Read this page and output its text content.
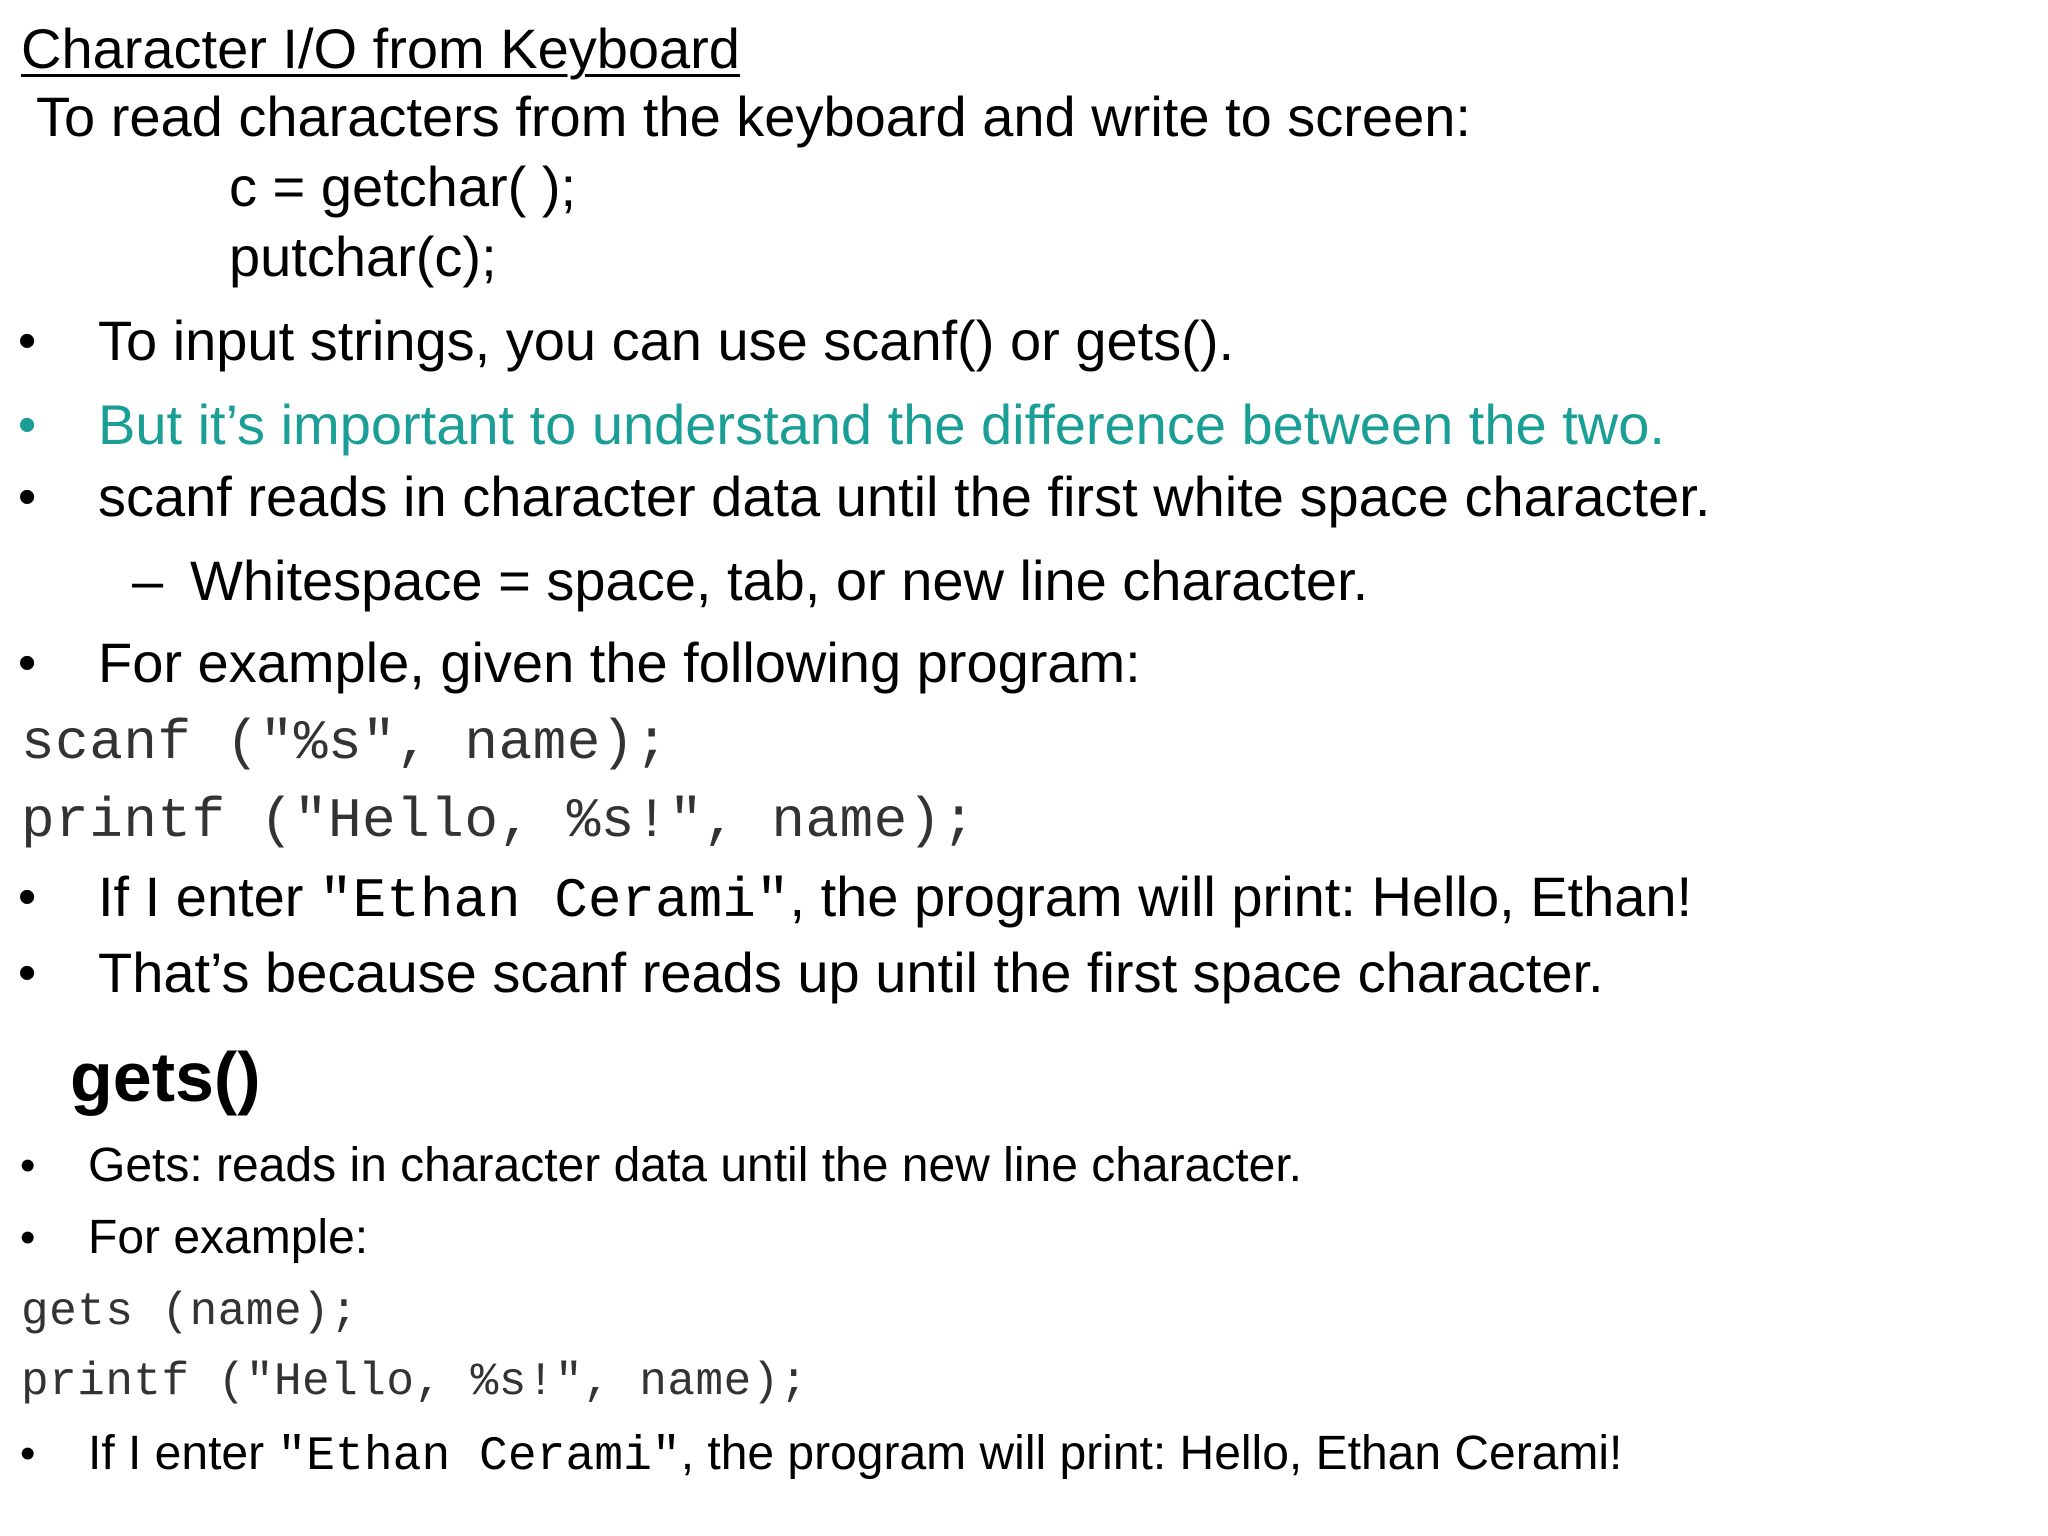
Character I/O from Keyboard
To read characters from the keyboard and write to screen:
c = getchar( );
putchar(c);
• To input strings, you can use scanf() or gets().
• But it’s important to understand the difference between the two.
• scanf reads in character data until the first white space character.
– Whitespace = space, tab, or new line character.
• For example, given the following program:
scanf ("%s", name);
printf ("Hello, %s!", name);
• If I enter "Ethan Cerami", the program will print: Hello, Ethan!
• That’s because scanf reads up until the first space character.
gets()
• Gets: reads in character data until the new line character.
• For example:
gets (name);
printf ("Hello, %s!", name);
• If I enter "Ethan Cerami", the program will print: Hello, Ethan Cerami!
